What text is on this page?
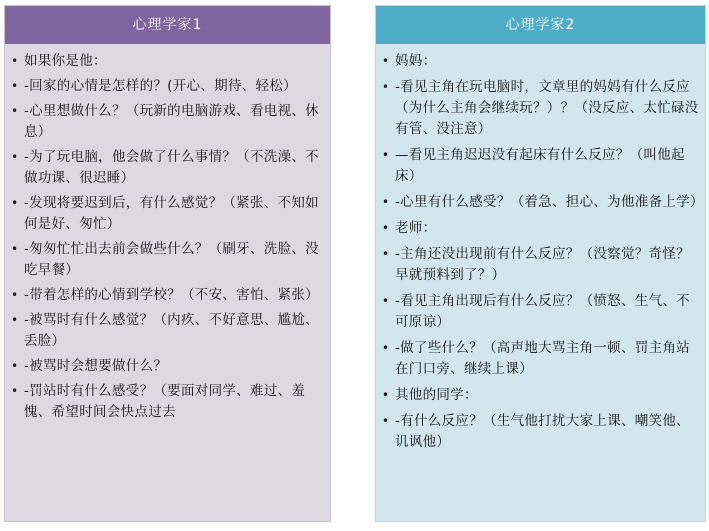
心理学家1
• 如果你是他：
• -回家的心情是怎样的？(开心、期待、轻松）
• -心里想做什么？（玩新的电脑游戏、看电视、休息）
• -为了玩电脑，他会做了什么事情？（不洗澡、不做功课、很迟睡）
• -发现将要迟到后，有什么感觉？（紧张、不知如何是好、匆忙）
• -匆匆忙忙出去前会做些什么？（刷牙、洗脸、没吃早餐）
• -带着怎样的心情到学校？（不安、害怕、紧张）
• -被骂时有什么感觉？（内疚、不好意思、尴尬、丢脸）
• -被骂时会想要做什么？
• -罚站时有什么感受？（要面对同学、难过、羞愧、希望时间会快点过去
心理学家2
• 妈妈：
• -看见主角在玩电脑时，文章里的妈妈有什么反应（为什么主角会继续玩？）？（没反应、太忙碌没有管、没注意）
• —看见主角迟迟没有起床有什么反应？（叫他起床）
• -心里有什么感受？（着急、担心、为他准备上学）
• 老师：
• -主角还没出现前有什么反应？（没察觉？奇怪？早就预料到了？）
• -看见主角出现后有什么反应？（愤怒、生气、不可原谅）
• -做了些什么？（高声地大骂主角一顿、罚主角站在门口旁、继续上课）
• 其他的同学：
• -有什么反应？（生气他打扰大家上课、嘲笑他、讥讽他）
